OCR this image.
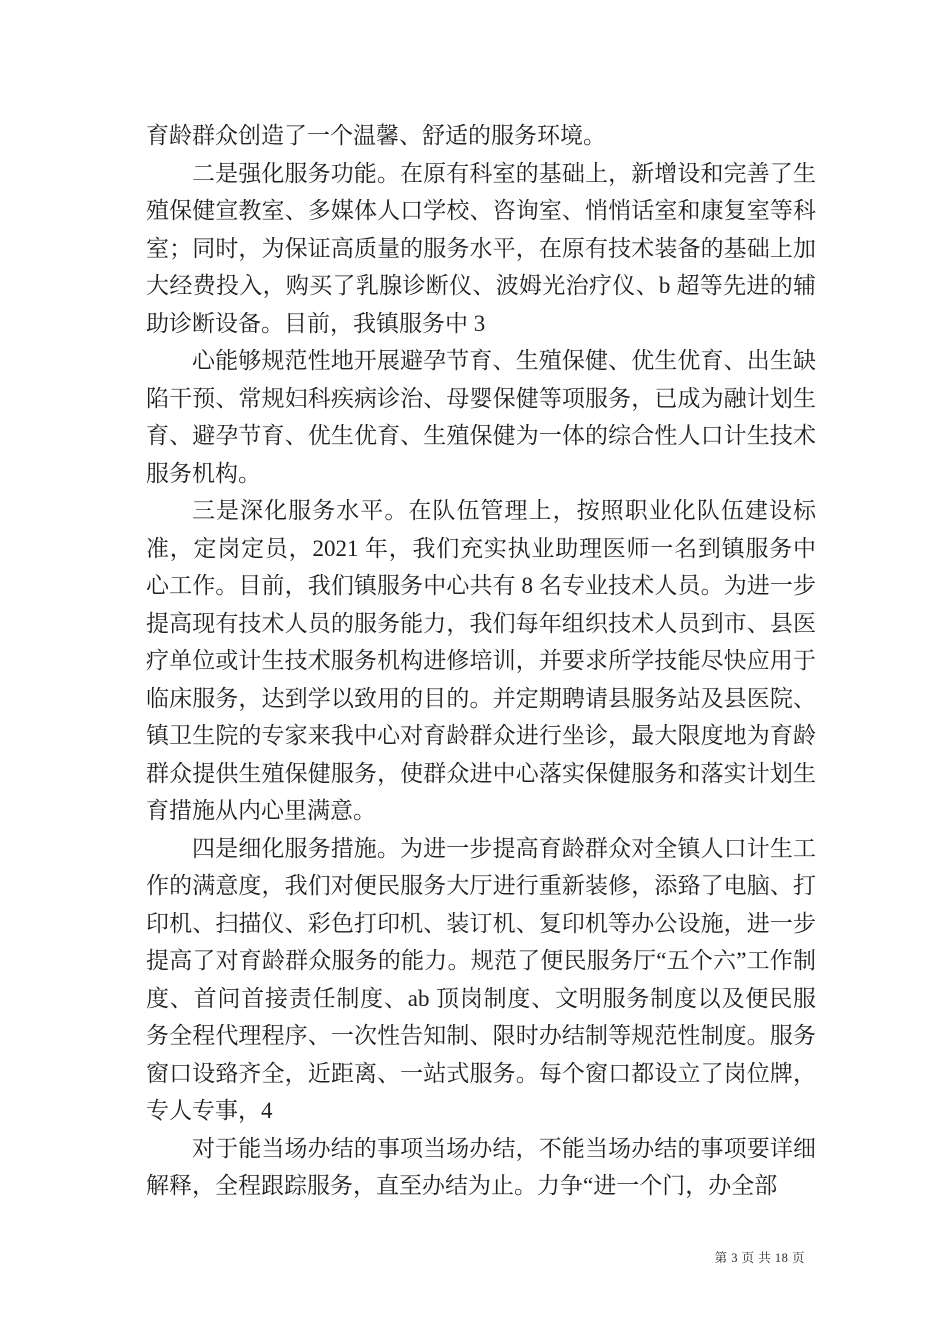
育龄群众创造了一个温馨、舒适的服务环境。

二是强化服务功能。在原有科室的基础上，新增设和完善了生殖保健宣教室、多媒体人口学校、咨询室、悄悄话室和康复室等科室；同时，为保证高质量的服务水平，在原有技术装备的基础上加大经费投入，购买了乳腺诊断仪、波姆光治疗仪、b 超等先进的辅助诊断设备。目前，我镇服务中 3

心能够规范性地开展避孕节育、生殖保健、优生优育、出生缺陷干预、常规妇科疾病诊治、母婴保健等项服务，已成为融计划生育、避孕节育、优生优育、生殖保健为一体的综合性人口计生技术服务机构。

三是深化服务水平。在队伍管理上，按照职业化队伍建设标准，定岗定员，2021 年，我们充实执业助理医师一名到镇服务中心工作。目前，我们镇服务中心共有 8 名专业技术人员。为进一步提高现有技术人员的服务能力，我们每年组织技术人员到市、县医疗单位或计生技术服务机构进修培训，并要求所学技能尽快应用于临床服务，达到学以致用的目的。并定期聘请县服务站及县医院、镇卫生院的专家来我中心对育龄群众进行坐诊，最大限度地为育龄群众提供生殖保健服务，使群众进中心落实保健服务和落实计划生育措施从内心里满意。

四是细化服务措施。为进一步提高育龄群众对全镇人口计生工作的满意度，我们对便民服务大厅进行重新装修，添臵了电脑、打印机、扫描仪、彩色打印机、装订机、复印机等办公设施，进一步提高了对育龄群众服务的能力。规范了便民服务厅“五个六”工作制度、首问首接责任制度、ab 顶岗制度、文明服务制度以及便民服务全程代理程序、一次性告知制、限时办结制等规范性制度。服务窗口设臵齐全，近距离、一站式服务。每个窗口都设立了岗位牌，专人专事，4

对于能当场办结的事项当场办结，不能当场办结的事项要详细解释，全程跟踪服务，直至办结为止。力争“进一个门，办全部

第 3 页 共 18 页
